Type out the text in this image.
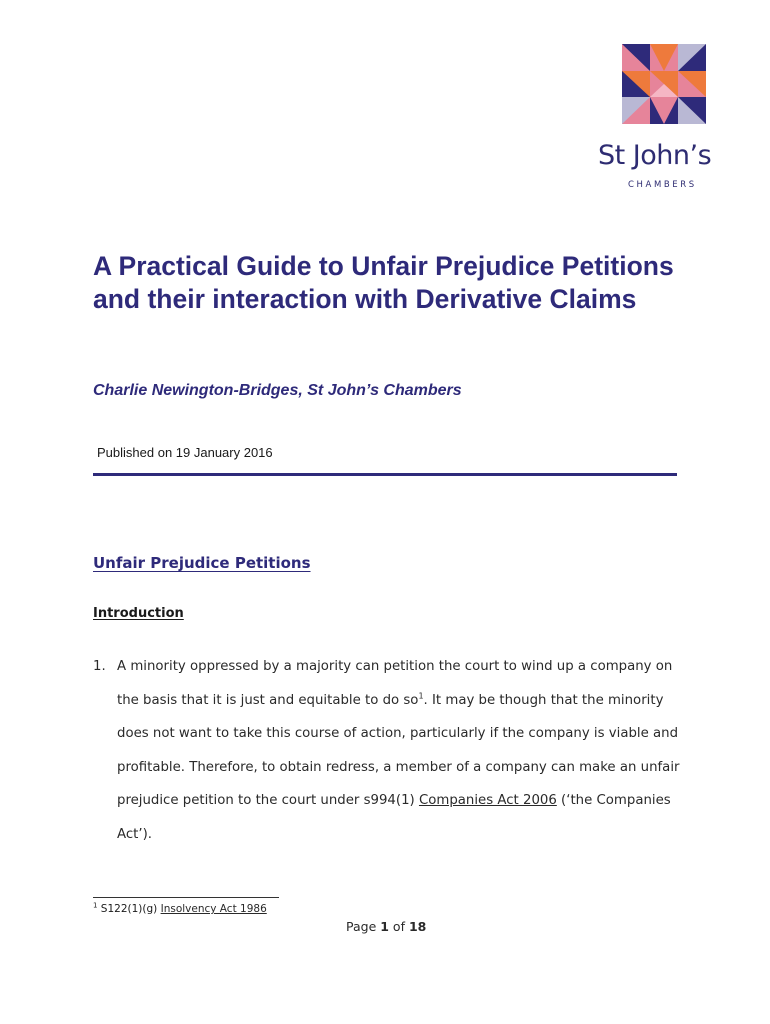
St John’s
CHAMBERS
A Practical Guide to Unfair Prejudice Petitions and their interaction with Derivative Claims
Charlie Newington-Bridges, St John’s Chambers
Published on 19 January 2016
Unfair Prejudice Petitions
Introduction
1. A minority oppressed by a majority can petition the court to wind up a company on the basis that it is just and equitable to do $so^1$. It may be though that the minority does not want to take this course of action, particularly if the company is viable and profitable. Therefore, to obtain redress, a member of a company can make an unfair prejudice petition to the court under s994(1) Companies Act 2006 (‘the Companies Act’).
$^1$ S122(1)(g) Insolvency Act 1986
Page 1 of 18
